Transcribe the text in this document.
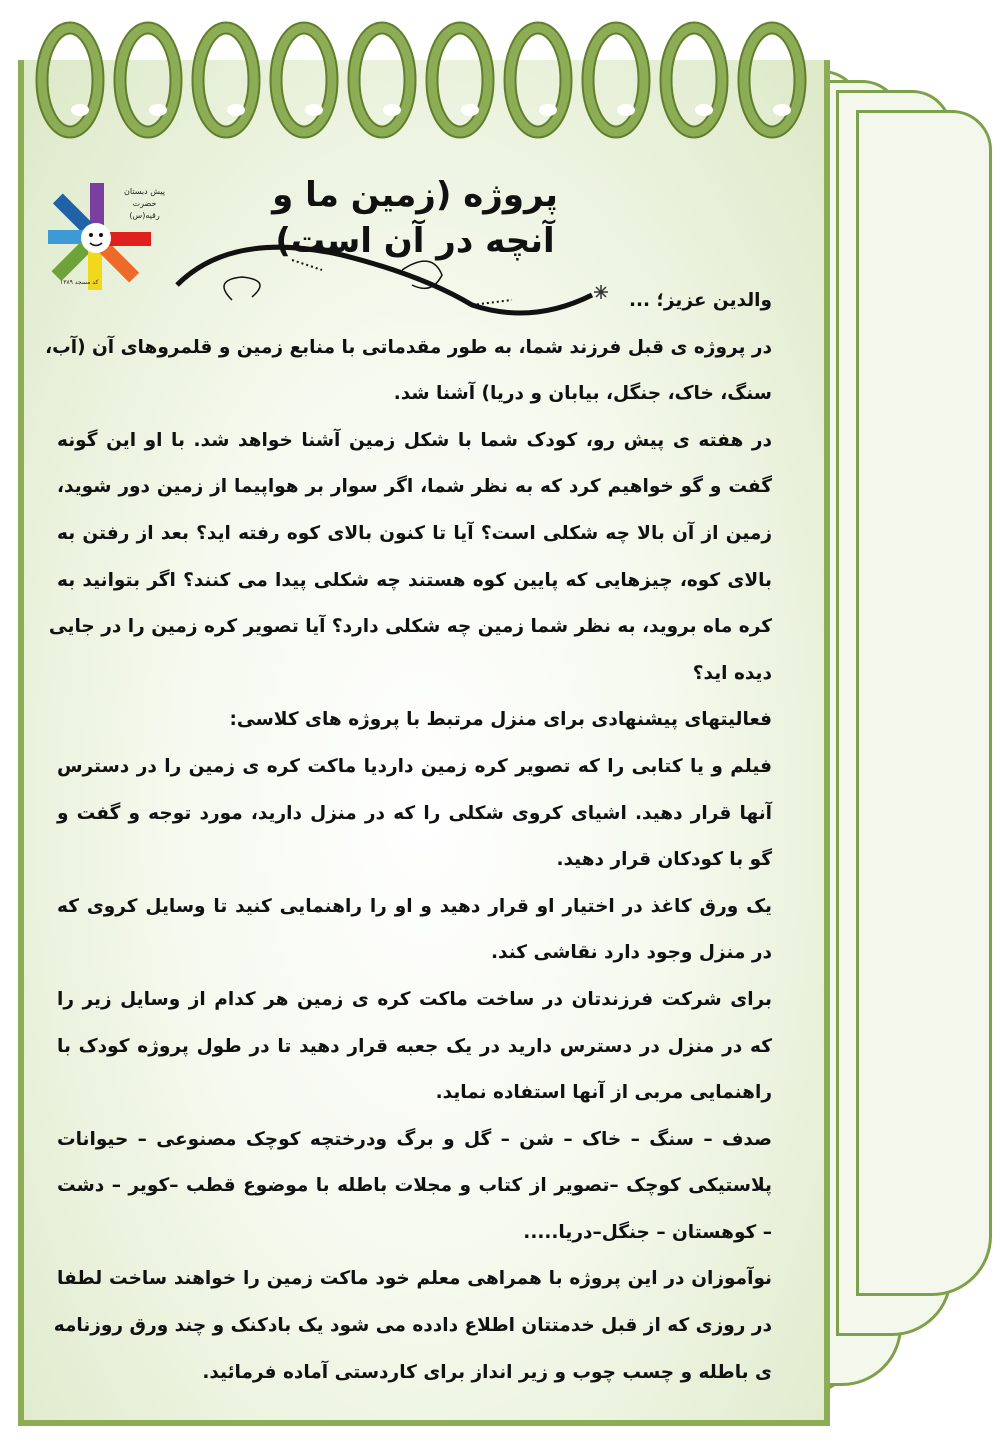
پیش دبستان
حضرت
رقیه(س)
کد مسجد ۱۳۸۹
پروژه (زمین ما و
آنچه در آن است)
والدین عزیز؛ ...
در پروژه ی قبل فرزند شما، به طور مقدماتی با منابع زمین و قلمروهای آن (آب،
سنگ، خاک، جنگل، بیابان و دریا) آشنا شد.
در هفته ی پیش رو، کودک شما با شکل زمین آشنا خواهد شد. با او این گونه
گفت و گو خواهیم کرد که به نظر شما، اگر سوار بر هواپیما از زمین دور شوید،
زمین از آن بالا چه شکلی است؟ آیا تا کنون بالای کوه رفته اید؟ بعد از رفتن به
بالای کوه، چیزهایی که پایین کوه هستند چه شکلی پیدا می کنند؟ اگر بتوانید به
کره ماه بروید، به نظر شما زمین چه شکلی دارد؟ آیا تصویر کره زمین را در جایی
دیده اید؟
فعالیتهای پیشنهادی برای منزل مرتبط با پروژه های کلاسی:
فیلم و یا کتابی را که تصویر کره زمین داردیا ماکت کره ی زمین را در دسترس
آنها قرار دهید. اشیای کروی شکلی را که در منزل دارید، مورد توجه و گفت و
گو با کودکان قرار دهید.
یک ورق کاغذ در اختیار او قرار دهید و او را راهنمایی کنید تا وسایل کروی که
در منزل وجود دارد نقاشی کند.
برای شرکت فرزندتان در ساخت ماکت کره ی زمین هر کدام از وسایل زیر را
که در منزل در دسترس دارید در یک جعبه قرار دهید تا در طول پروژه کودک با
راهنمایی مربی از آنها استفاده نماید.
صدف – سنگ – خاک – شن – گل و برگ ودرختچه کوچک مصنوعی – حیوانات
پلاستیکی کوچک –تصویر از کتاب و مجلات باطله با موضوع قطب –کویر – دشت
– کوهستان – جنگل–دریا.....
نوآموزان در این پروژه با همراهی معلم خود ماکت زمین را خواهند ساخت لطفا
در روزی که از قبل خدمتتان اطلاع دادده می شود یک بادکنک و چند ورق روزنامه
ی باطله و چسب چوب و زیر انداز برای کاردستی آماده فرمائید.
